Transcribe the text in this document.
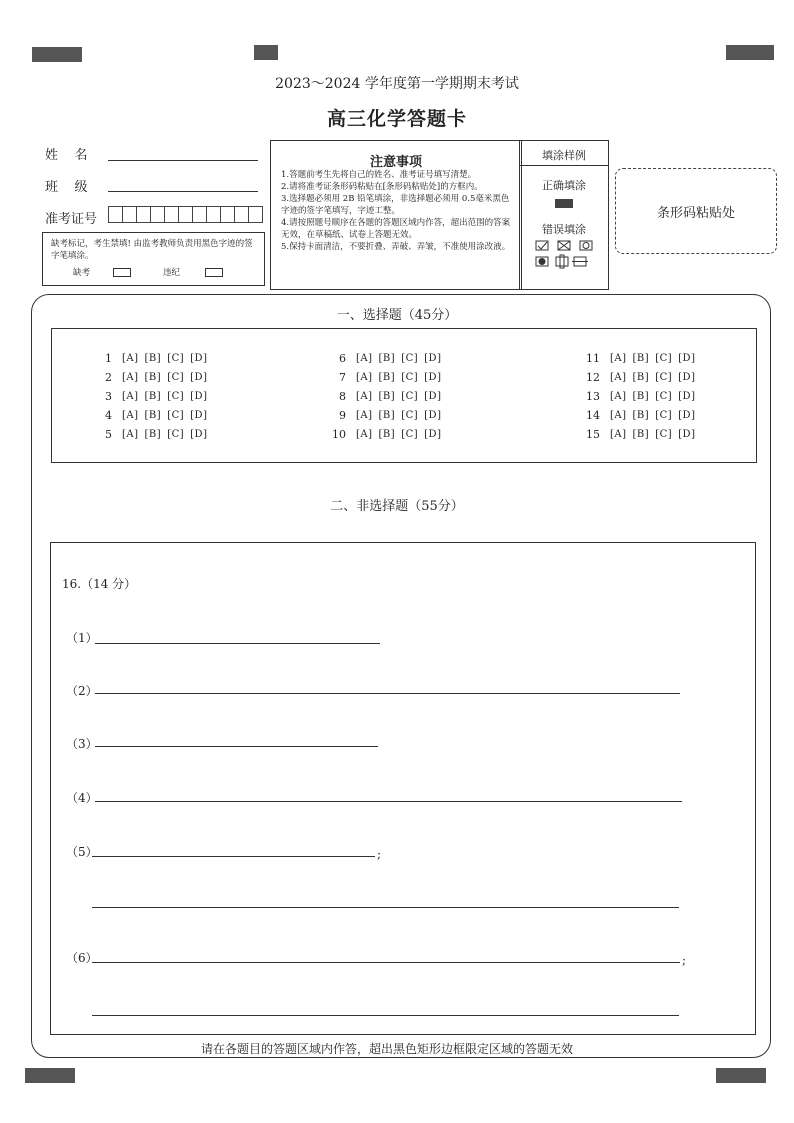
2023～2024 学年度第一学期期末考试
高三化学答题卡
姓    名
班    级
准考证号
缺考标记，考生禁填! 由监考教师负责用黑色字迹的签字笔填涂。
缺考	违纪
注意事项
1.答题前考生先将自己的姓名、准考证号填写清楚。
2.请将准考证条形码粘贴在[条形码粘贴处]的方框内。
3.选择题必须用 2B 铅笔填涂，非选择题必须用 0.5毫米黑色字迹的签字笔填写，字迹工整。
4.请按照题号顺序在各题的答题区域内作答，超出范围的答案无效，在草稿纸、试卷上答题无效。
5.保持卡面清洁，不要折叠、弄破、弄皱，不准使用涂改液。
填涂样例
正确填涂
错误填涂
条形码粘贴处
一、选择题（45分）
1 [A] [B] [C] [D]
2 [A] [B] [C] [D]
3 [A] [B] [C] [D]
4 [A] [B] [C] [D]
5 [A] [B] [C] [D]
6 [A] [B] [C] [D]
7 [A] [B] [C] [D]
8 [A] [B] [C] [D]
9 [A] [B] [C] [D]
10 [A] [B] [C] [D]
11 [A] [B] [C] [D]
12 [A] [B] [C] [D]
13 [A] [B] [C] [D]
14 [A] [B] [C] [D]
15 [A] [B] [C] [D]
二、非选择题（55分）
16.（14 分）
（1）
（2）
（3）
（4）
（5）	;
（6）	;
请在各题目的答题区域内作答，超出黑色矩形边框限定区域的答题无效
